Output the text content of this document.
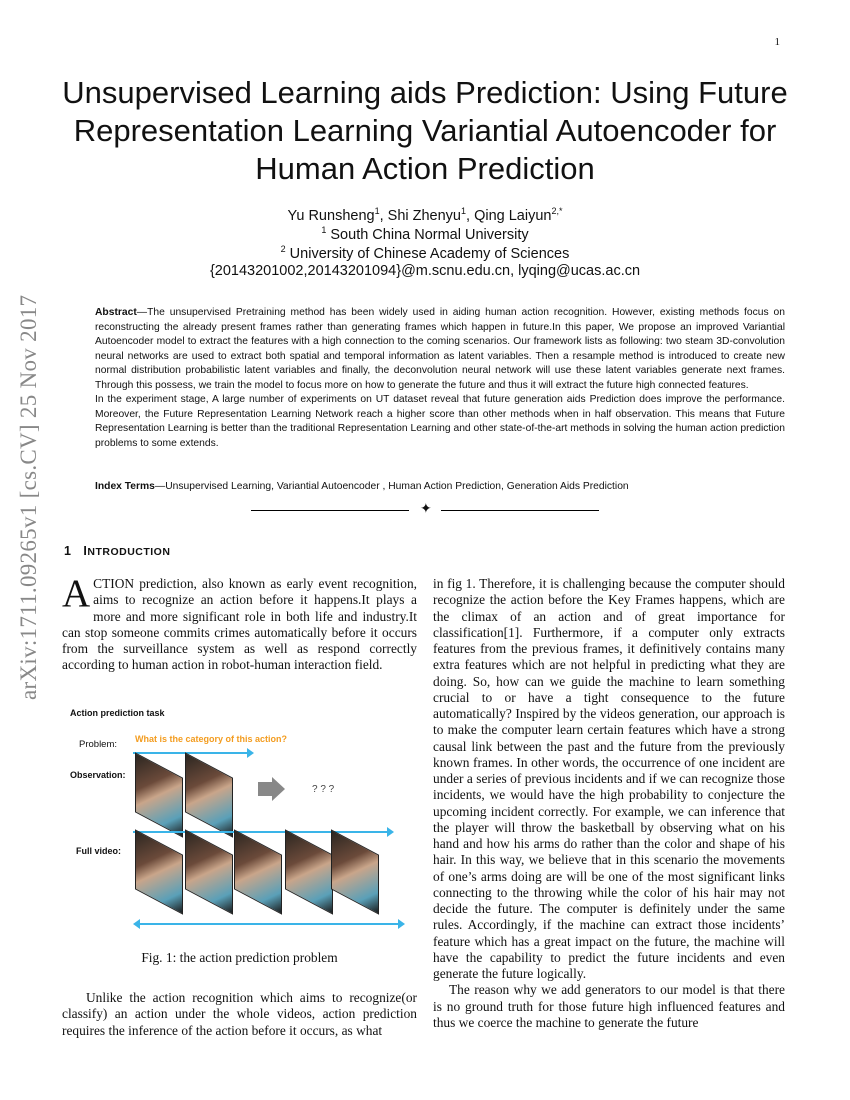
1
arXiv:1711.09265v1 [cs.CV] 25 Nov 2017
Unsupervised Learning aids Prediction: Using Future Representation Learning Variantial Autoencoder for Human Action Prediction
Yu Runsheng$^1$, Shi Zhenyu$^1$, Qing Laiyun$^{2,*}$
$^1$ South China Normal University
$^2$ University of Chinese Academy of Sciences
{20143201002,20143201094}@m.scnu.edu.cn, lyqing@ucas.ac.cn

Abstract—The unsupervised Pretraining method has been widely used in aiding human action recognition. However, existing methods focus on reconstructing the already present frames rather than generating frames which happen in future.In this paper, We propose an improved Variantial Autoencoder model to extract the features with a high connection to the coming scenarios. Our framework lists as following: two steam 3D-convolution neural networks are used to extract both spatial and temporal information as latent variables. Then a resample method is introduced to create new normal distribution probabilistic latent variables and finally, the deconvolution neural network will use these latent variables generate next frames. Through this possess, we train the model to focus more on how to generate the future and thus it will extract the future high connected features.

In the experiment stage, A large number of experiments on UT dataset reveal that future generation aids Prediction does improve the performance. Moreover, the Future Representation Learning Network reach a higher score than other methods when in half observation. This means that Future Representation Learning is better than the traditional Representation Learning and other state-of-the-art methods in solving the human action prediction problems to some extends.

Index Terms—Unsupervised Learning, Variantial Autoencoder , Human Action Prediction, Generation Aids Prediction
✦
1 INTRODUCTION
ACTION prediction, also known as early event recognition, aims to recognize an action before it happens.It plays a more and more significant role in both life and industry.It can stop someone commits crimes automatically before it occurs from the surveillance system as well as respond correctly according to human action in robot-human interaction field.
Action prediction task
Problem: What is the category of this action?
Observation:
? ? ?
Full video:
Fig. 1: the action prediction problem

Unlike the action recognition which aims to recognize(or classify) an action under the whole videos, action prediction requires the inference of the action before it occurs, as what

in fig 1. Therefore, it is challenging because the computer should recognize the action before the Key Frames happens, which are the climax of an action and of great importance for classification[1]. Furthermore, if a computer only extracts features from the previous frames, it definitively contains many extra features which are not helpful in predicting what they are doing. So, how can we guide the machine to learn something crucial to or have a tight consequence to the future automatically? Inspired by the videos generation, our approach is to make the computer learn certain features which have a strong causal link between the past and the future from the previously known frames. In other words, the occurrence of one incident are under a series of previous incidents and if we can recognize those incidents, we would have the high probability to conjecture the upcoming incident correctly. For example, we can inference that the player will throw the basketball by observing what on his hand and how his arms do rather than the color and shape of his hair. In this way, we believe that in this scenario the movements of one’s arms doing are will be one of the most significant links connecting to the throwing while the color of his hair may not decide the future. The computer is definitely under the same rules. Accordingly, if the machine can extract those incidents’ feature which has a great impact on the future, the machine will have the capability to predict the future incidents and even generate the future logically.

The reason why we add generators to our model is that there is no ground truth for those future high influenced features and thus we coerce the machine to generate the future
